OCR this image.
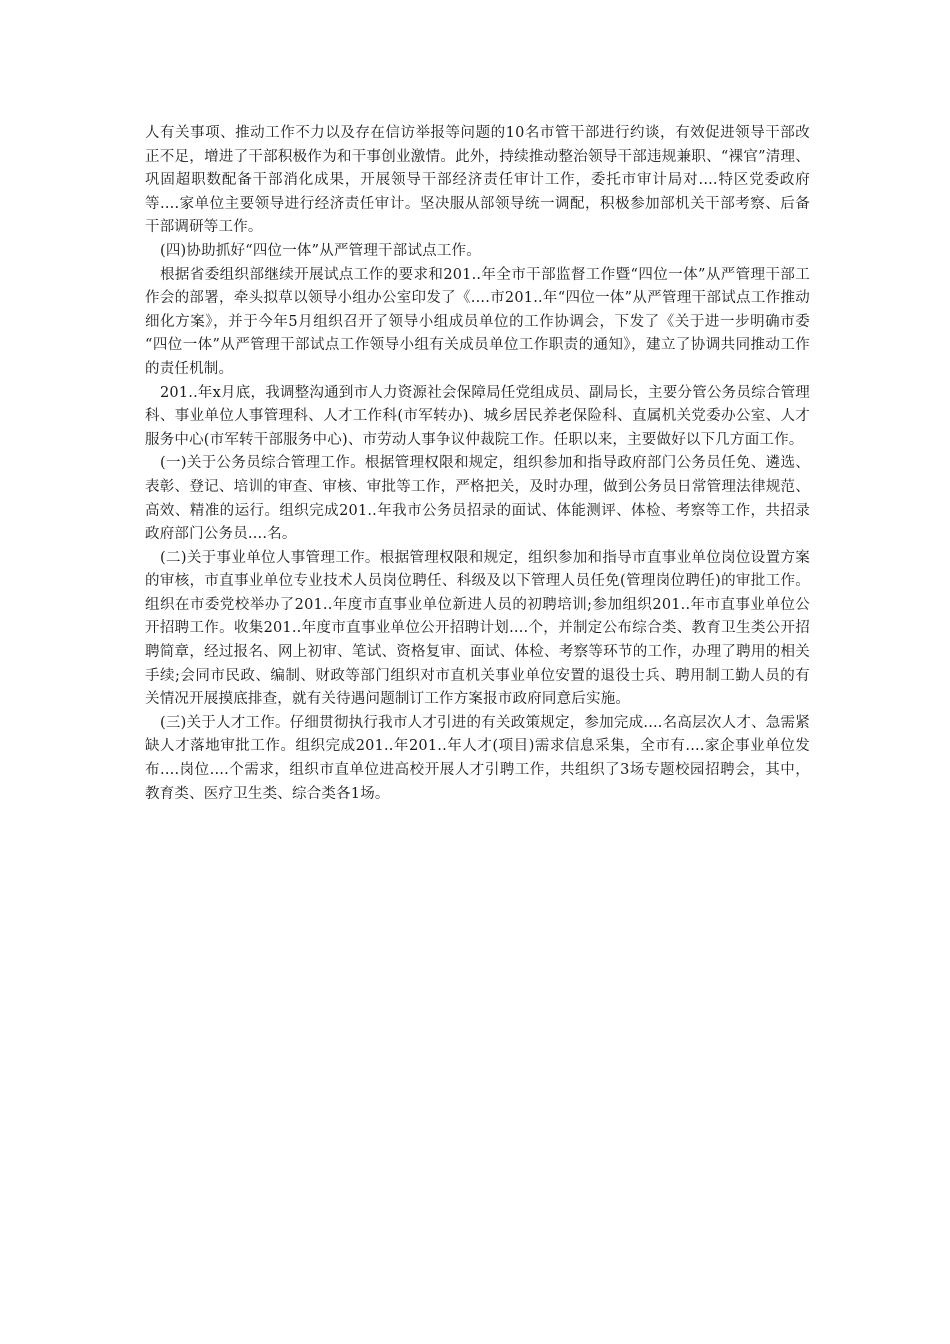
人有关事项、推动工作不力以及存在信访举报等问题的10名市管干部进行约谈，有效促进领导干部改正不足，增进了干部积极作为和干事创业激情。此外，持续推动整治领导干部违规兼职、“裸官”清理、巩固超职数配备干部消化成果，开展领导干部经济责任审计工作，委托市审计局对....特区党委政府等....家单位主要领导进行经济责任审计。坚决服从部领导统一调配，积极参加部机关干部考察、后备干部调研等工作。

(四)协助抓好“四位一体”从严管理干部试点工作。

根据省委组织部继续开展试点工作的要求和201..年全市干部监督工作暨“四位一体”从严管理干部工作会的部署，牵头拟草以领导小组办公室印发了《....市201..年“四位一体”从严管理干部试点工作推动细化方案》，并于今年5月组织召开了领导小组成员单位的工作协调会，下发了《关于进一步明确市委 “四位一体”从严管理干部试点工作领导小组有关成员单位工作职责的通知》，建立了协调共同推动工作的责任机制。

201..年x月底，我调整沟通到市人力资源社会保障局任党组成员、副局长，主要分管公务员综合管理科、事业单位人事管理科、人才工作科(市军转办)、城乡居民养老保险科、直属机关党委办公室、人才服务中心(市军转干部服务中心)、市劳动人事争议仲裁院工作。任职以来，主要做好以下几方面工作。

(一)关于公务员综合管理工作。根据管理权限和规定，组织参加和指导政府部门公务员任免、遴选、表彰、登记、培训的审查、审核、审批等工作，严格把关，及时办理，做到公务员日常管理法律规范、高效、精准的运行。组织完成201..年我市公务员招录的面试、体能测评、体检、考察等工作，共招录政府部门公务员....名。

(二)关于事业单位人事管理工作。根据管理权限和规定，组织参加和指导市直事业单位岗位设置方案的审核，市直事业单位专业技术人员岗位聘任、科级及以下管理人员任免(管理岗位聘任)的审批工作。组织在市委党校举办了201..年度市直事业单位新进人员的初聘培训;参加组织201..年市直事业单位公开招聘工作。收集201..年度市直事业单位公开招聘计划....个，并制定公布综合类、教育卫生类公开招聘简章，经过报名、网上初审、笔试、资格复审、面试、体检、考察等环节的工作，办理了聘用的相关手续;会同市民政、编制、财政等部门组织对市直机关事业单位安置的退役士兵、聘用制工勤人员的有关情况开展摸底排查，就有关待遇问题制订工作方案报市政府同意后实施。

(三)关于人才工作。仔细贯彻执行我市人才引进的有关政策规定，参加完成....名高层次人才、急需紧缺人才落地审批工作。组织完成201..年201..年人才(项目)需求信息采集，全市有....家企事业单位发布....岗位....个需求，组织市直单位进高校开展人才引聘工作，共组织了3场专题校园招聘会，其中，教育类、医疗卫生类、综合类各1场。
